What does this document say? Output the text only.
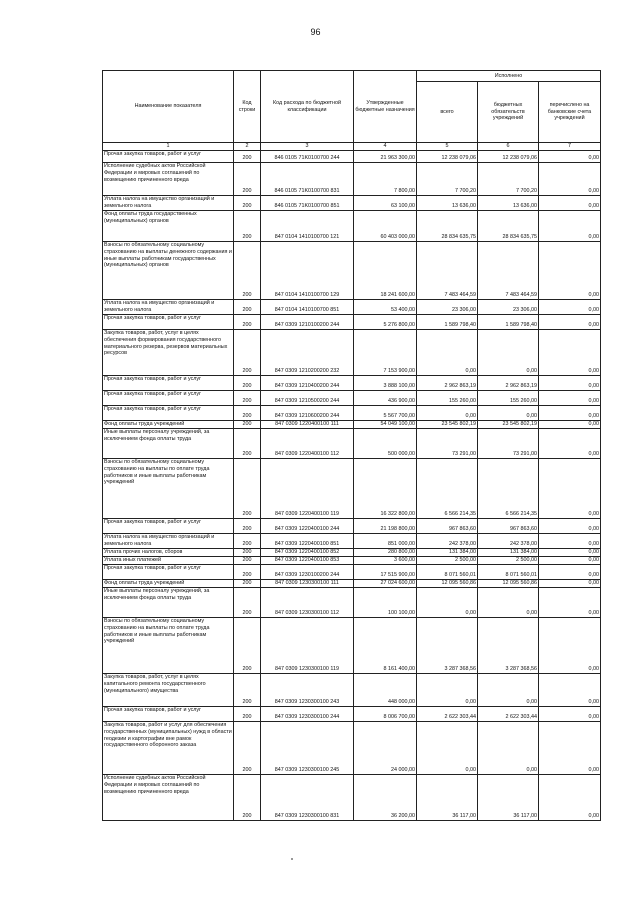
96
Наименование показателя	Код строки	Код расхода по бюджетной классификации	Утвержденные бюджетные назначения	Исполнено		
				всего	бюджетных обязательств учреждений	перечислено на банковские счета учреждений
1	2	3	4	5	6	7
Прочая закупка товаров, работ и услуг	200	846 0105 71K0100700 244	21 963 300,00	12 238 079,06	12 238 079,06	0,00
Исполнение судебных актов Российской Федерации и мировых соглашений по возмещению причиненного вреда	200	846 0105 71K0100700 831	7 800,00	7 700,20	7 700,20	0,00
Уплата налога на имущество организаций и земельного налога	200	846 0105 71K0100700 851	63 100,00	13 636,00	13 636,00	0,00
Фонд оплаты труда государственных (муниципальных) органов	200	847 0104 1410100700 121	60 403 000,00	28 834 635,75	28 834 635,75	0,00
Взносы по обязательному социальному страхованию на выплаты денежного содержания и иные выплаты работникам государственных (муниципальных) органов	200	847 0104 1410100700 129	18 241 600,00	7 483 464,59	7 483 464,59	0,00
Уплата налога на имущество организаций и земельного налога	200	847 0104 1410100700 851	53 400,00	23 306,00	23 306,00	0,00
Прочая закупка товаров, работ и услуг	200	847 0309 1210100200 244	5 276 800,00	1 589 798,40	1 589 798,40	0,00
Закупка товаров, работ, услуг в целях обеспечения формирования государственного материального резерва, резервов материальных ресурсов	200	847 0309 1210200200 232	7 153 900,00	0,00	0,00	0,00
Прочая закупка товаров, работ и услуг	200	847 0309 1210400200 244	3 888 100,00	2 962 863,19	2 962 863,19	0,00
Прочая закупка товаров, работ и услуг	200	847 0309 1210500200 244	436 900,00	155 260,00	155 260,00	0,00
Прочая закупка товаров, работ и услуг	200	847 0309 1210600200 244	5 567 700,00	0,00	0,00	0,00
Фонд оплаты труда учреждений	200	847 0309 1220400100 111	54 049 100,00	23 545 802,19	23 545 802,19	0,00
Иные выплаты персоналу учреждений, за исключением фонда оплаты труда	200	847 0309 1220400100 112	500 000,00	73 291,00	73 291,00	0,00
Взносы по обязательному социальному страхованию на выплаты по оплате труда работников и иные выплаты работникам учреждений	200	847 0309 1220400100 119	16 322 800,00	6 566 214,35	6 566 214,35	0,00
Прочая закупка товаров, работ и услуг	200	847 0309 1220400100 244	21 198 800,00	967 863,60	967 863,60	0,00
Уплата налога на имущество организаций и земельного налога	200	847 0309 1220400100 851	851 000,00	242 378,00	242 378,00	0,00
Уплата прочих налогов, сборов	200	847 0309 1220400100 852	280 800,00	131 384,00	131 384,00	0,00
Уплата иных платежей	200	847 0309 1220400100 853	3 600,00	2 500,00	2 500,00	0,00
Прочая закупка товаров, работ и услуг	200	847 0309 1230100200 244	17 515 900,00	8 071 560,01	8 071 560,01	0,00
Фонд оплаты труда учреждений	200	847 0309 1230300100 111	27 024 600,00	12 095 560,86	12 095 560,86	0,00
Иные выплаты персоналу учреждений, за исключением фонда оплаты труда	200	847 0309 1230300100 112	100 100,00	0,00	0,00	0,00
Взносы по обязательному социальному страхованию на выплаты по оплате труда работников и иные выплаты работникам учреждений	200	847 0309 1230300100 119	8 161 400,00	3 287 368,56	3 287 368,56	0,00
Закупка товаров, работ, услуг в целях капитального ремонта государственного (муниципального) имущества	200	847 0309 1230300100 243	448 000,00	0,00	0,00	0,00
Прочая закупка товаров, работ и услуг	200	847 0309 1230300100 244	8 006 700,00	2 622 303,44	2 622 303,44	0,00
Закупка товаров, работ и услуг для обеспечения государственных (муниципальных) нужд в области геодезии и картографии вне рамок государственного оборонного заказа	200	847 0309 1230300100 245	24 000,00	0,00	0,00	0,00
Исполнение судебных актов Российской Федерации и мировых соглашений по возмещению причиненного вреда	200	847 0309 1230300100 831	36 200,00	36 117,00	36 117,00	0,00
